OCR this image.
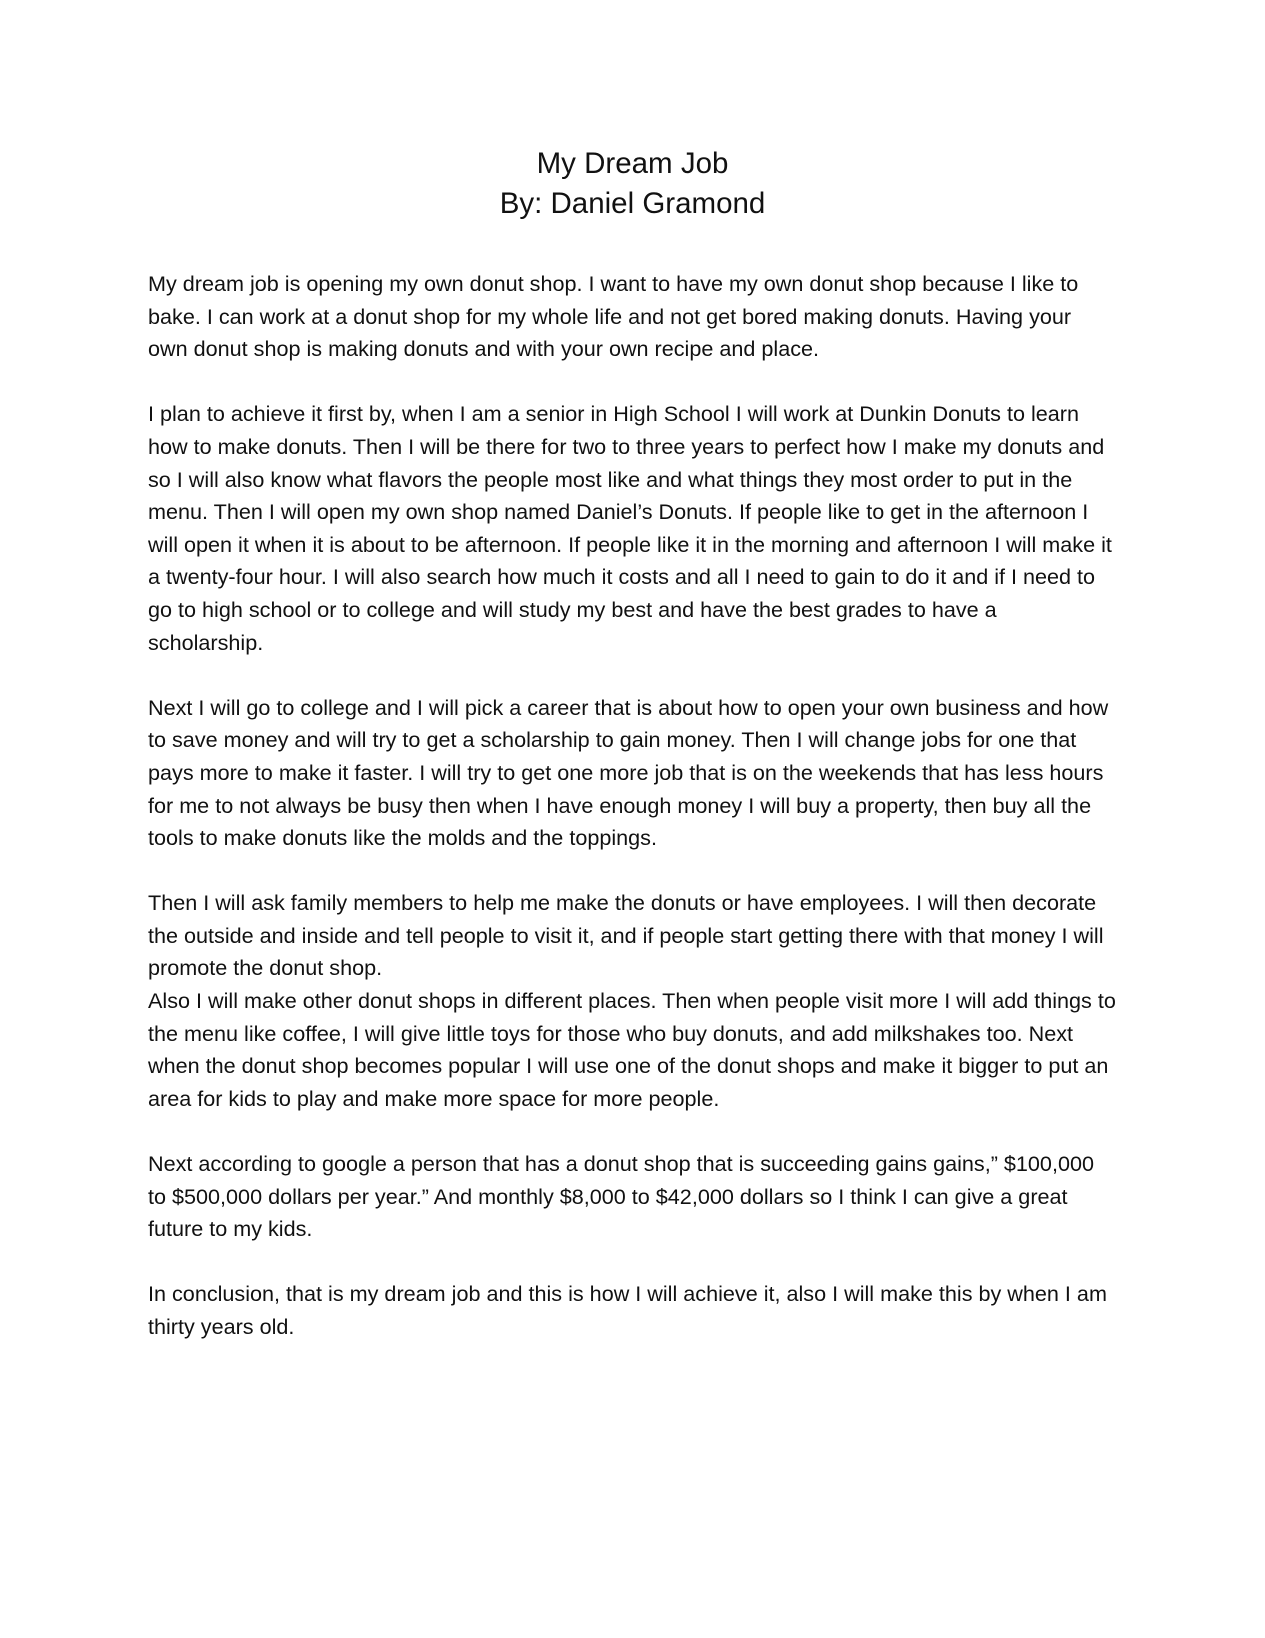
My Dream Job
By: Daniel Gramond

My dream job is opening my own donut shop. I want to have my own donut shop because I like to bake. I can work at a donut shop for my whole life and not get bored making donuts. Having your own donut shop is making donuts and with your own recipe and place.

I plan to achieve it first by, when I am a senior in High School I will work at Dunkin Donuts to learn how to make donuts. Then I will be there for two to three years to perfect how I make my donuts and so I will also know what flavors the people most like and what things they most order to put in the menu. Then I will open my own shop named Daniel’s Donuts. If people like to get in the afternoon I will open it when it is about to be afternoon. If people like it in the morning and afternoon I will make it a twenty-four hour. I will also search how much it costs and all I need to gain to do it and if I need to go to high school or to college and will study my best and have the best grades to have a scholarship.

Next I will go to college and I will pick a career that is about how to open your own business and how to save money and will try to get a scholarship to gain money. Then I will change jobs for one that pays more to make it faster. I will try to get one more job that is on the weekends that has less hours for me to not always be busy then when I have enough money I will buy a property, then buy all the tools to make donuts like the molds and the toppings.

Then I will ask family members to help me make the donuts or have employees. I will then decorate the outside and inside and tell people to visit it, and if people start getting there with that money I will promote the donut shop.

Also I will make other donut shops in different places. Then when people visit more I will add things to the menu like coffee, I will give little toys for those who buy donuts, and add milkshakes too. Next when the donut shop becomes popular I will use one of the donut shops and make it bigger to put an area for kids to play and make more space for more people.

Next according to google a person that has a donut shop that is succeeding gains gains,” $100,000 to $500,000 dollars per year.” And monthly $8,000 to $42,000 dollars so I think I can give a great future to my kids.

In conclusion, that is my dream job and this is how I will achieve it, also I will make this by when I am thirty years old.
